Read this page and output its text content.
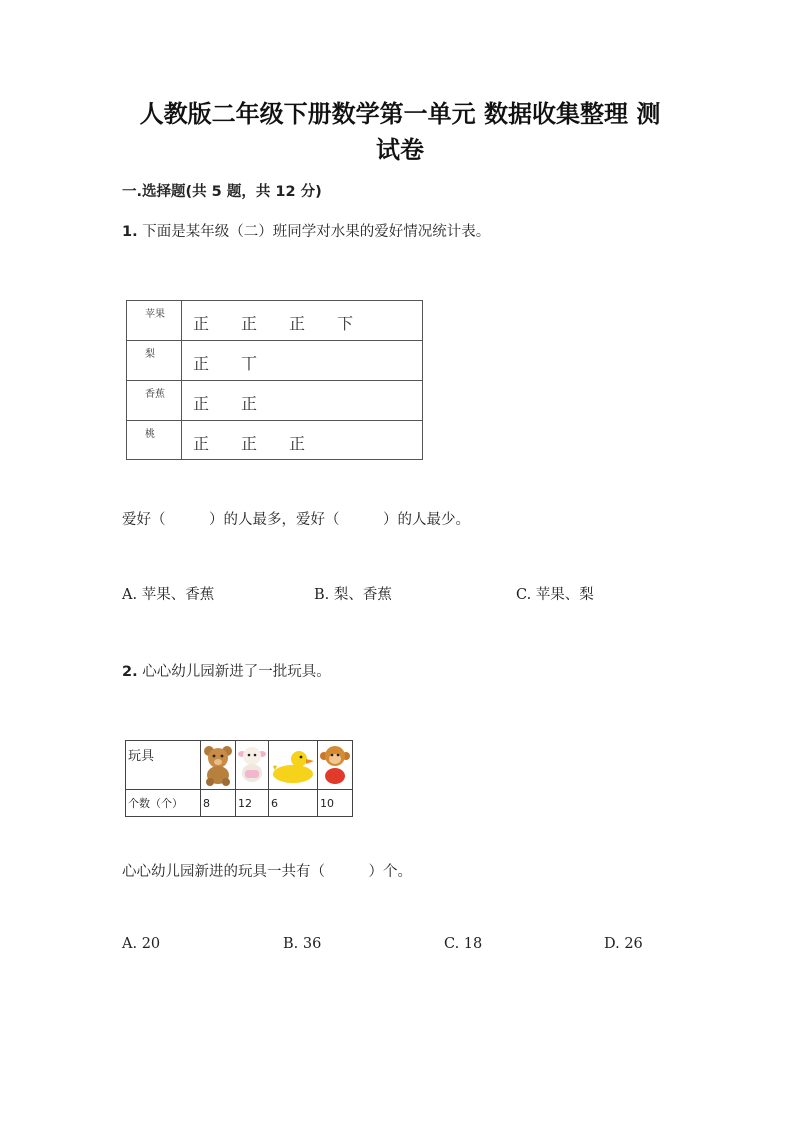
人教版二年级下册数学第一单元 数据收集整理 测
试卷
一.选择题(共 5 题，共 12 分)
1. 下面是某年级（二）班同学对水果的爱好情况统计表。
苹果 正 正 正 下
梨 正 丅
香蕉 正 正
桃 正 正 正
爱好（　　　）的人最多，爱好（　　　）的人最少。
A. 苹果、香蕉	B. 梨、香蕉	C. 苹果、梨
2. 心心幼儿园新进了一批玩具。
玩具				
个数（个）	8	12	6	10
心心幼儿园新进的玩具一共有（　　　）个。
A. 20	B. 36	C. 18	D. 26
